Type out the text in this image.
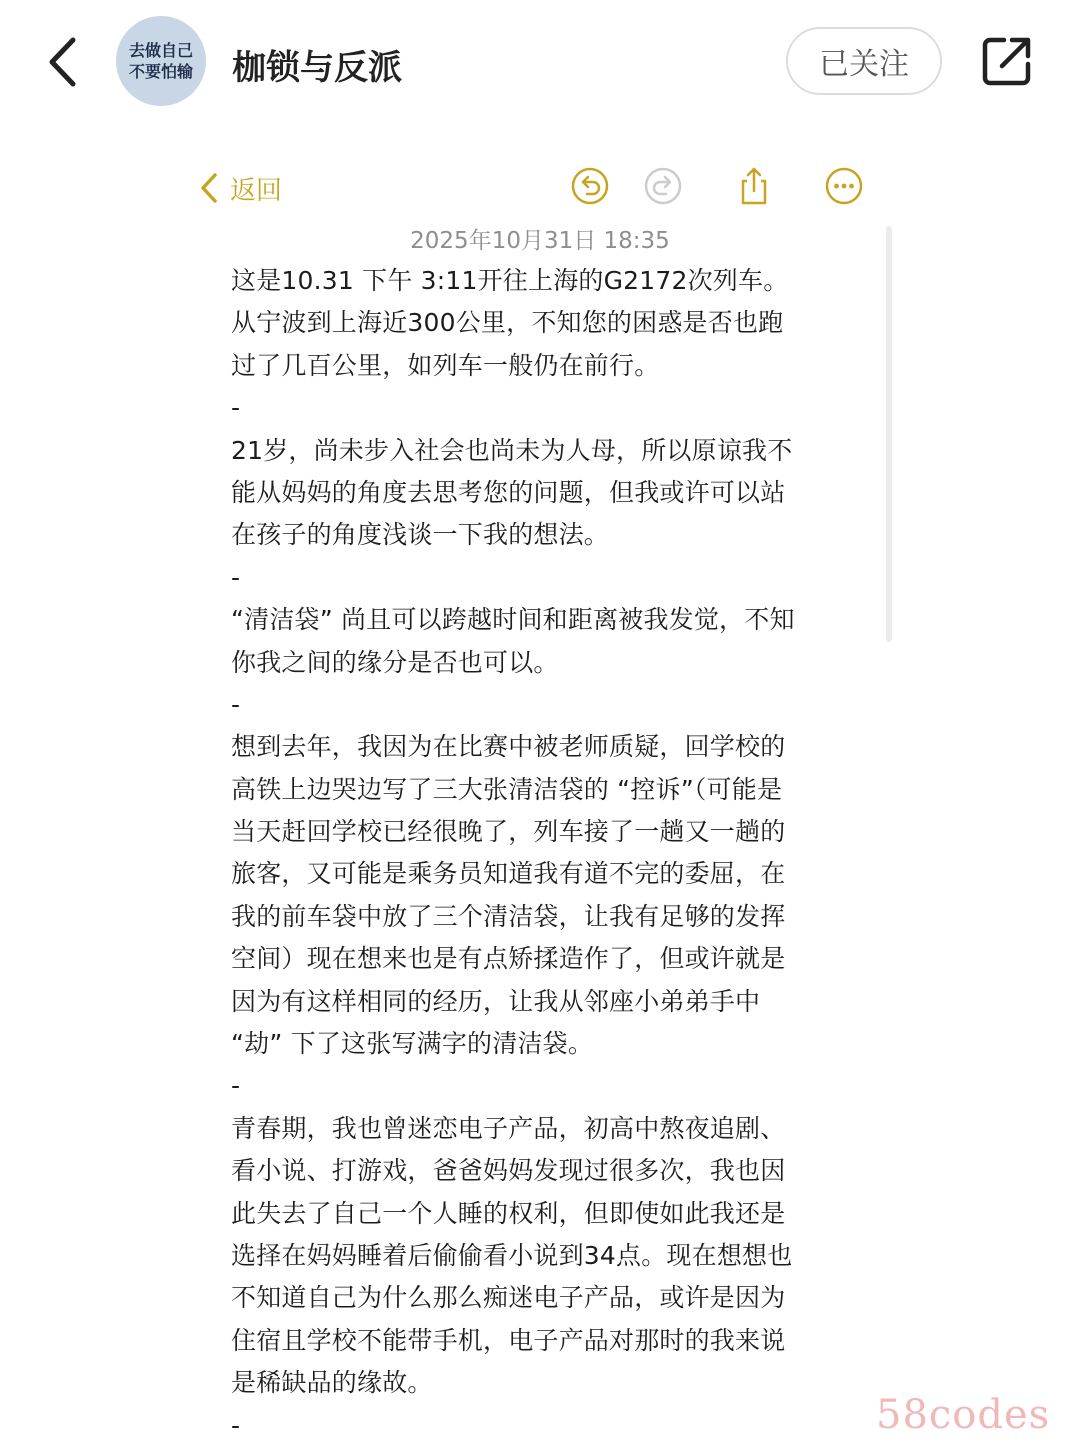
去做自己
不要怕输 枷锁与反派	已关注
返回
2025年10月31日 18:35
这是10.31 下午 3:11开往上海的G2172次列车。
从宁波到上海近300公里，不知您的困惑是否也跑
过了几百公里，如列车一般仍在前行。
-
21岁，尚未步入社会也尚未为人母，所以原谅我不
能从妈妈的角度去思考您的问题，但我或许可以站
在孩子的角度浅谈一下我的想法。
-
“清洁袋” 尚且可以跨越时间和距离被我发觉，不知
你我之间的缘分是否也可以。
-
想到去年，我因为在比赛中被老师质疑，回学校的
高铁上边哭边写了三大张清洁袋的 “控诉”（可能是
当天赶回学校已经很晚了，列车接了一趟又一趟的
旅客，又可能是乘务员知道我有道不完的委屈，在
我的前车袋中放了三个清洁袋，让我有足够的发挥
空间）现在想来也是有点矫揉造作了，但或许就是
因为有这样相同的经历，让我从邻座小弟弟手中
“劫” 下了这张写满字的清洁袋。
-
青春期，我也曾迷恋电子产品，初高中熬夜追剧、
看小说、打游戏，爸爸妈妈发现过很多次，我也因
此失去了自己一个人睡的权利，但即使如此我还是
选择在妈妈睡着后偷偷看小说到34点。现在想想也
不知道自己为什么那么痴迷电子产品，或许是因为
住宿且学校不能带手机，电子产品对那时的我来说
是稀缺品的缘故。
-	58codes
